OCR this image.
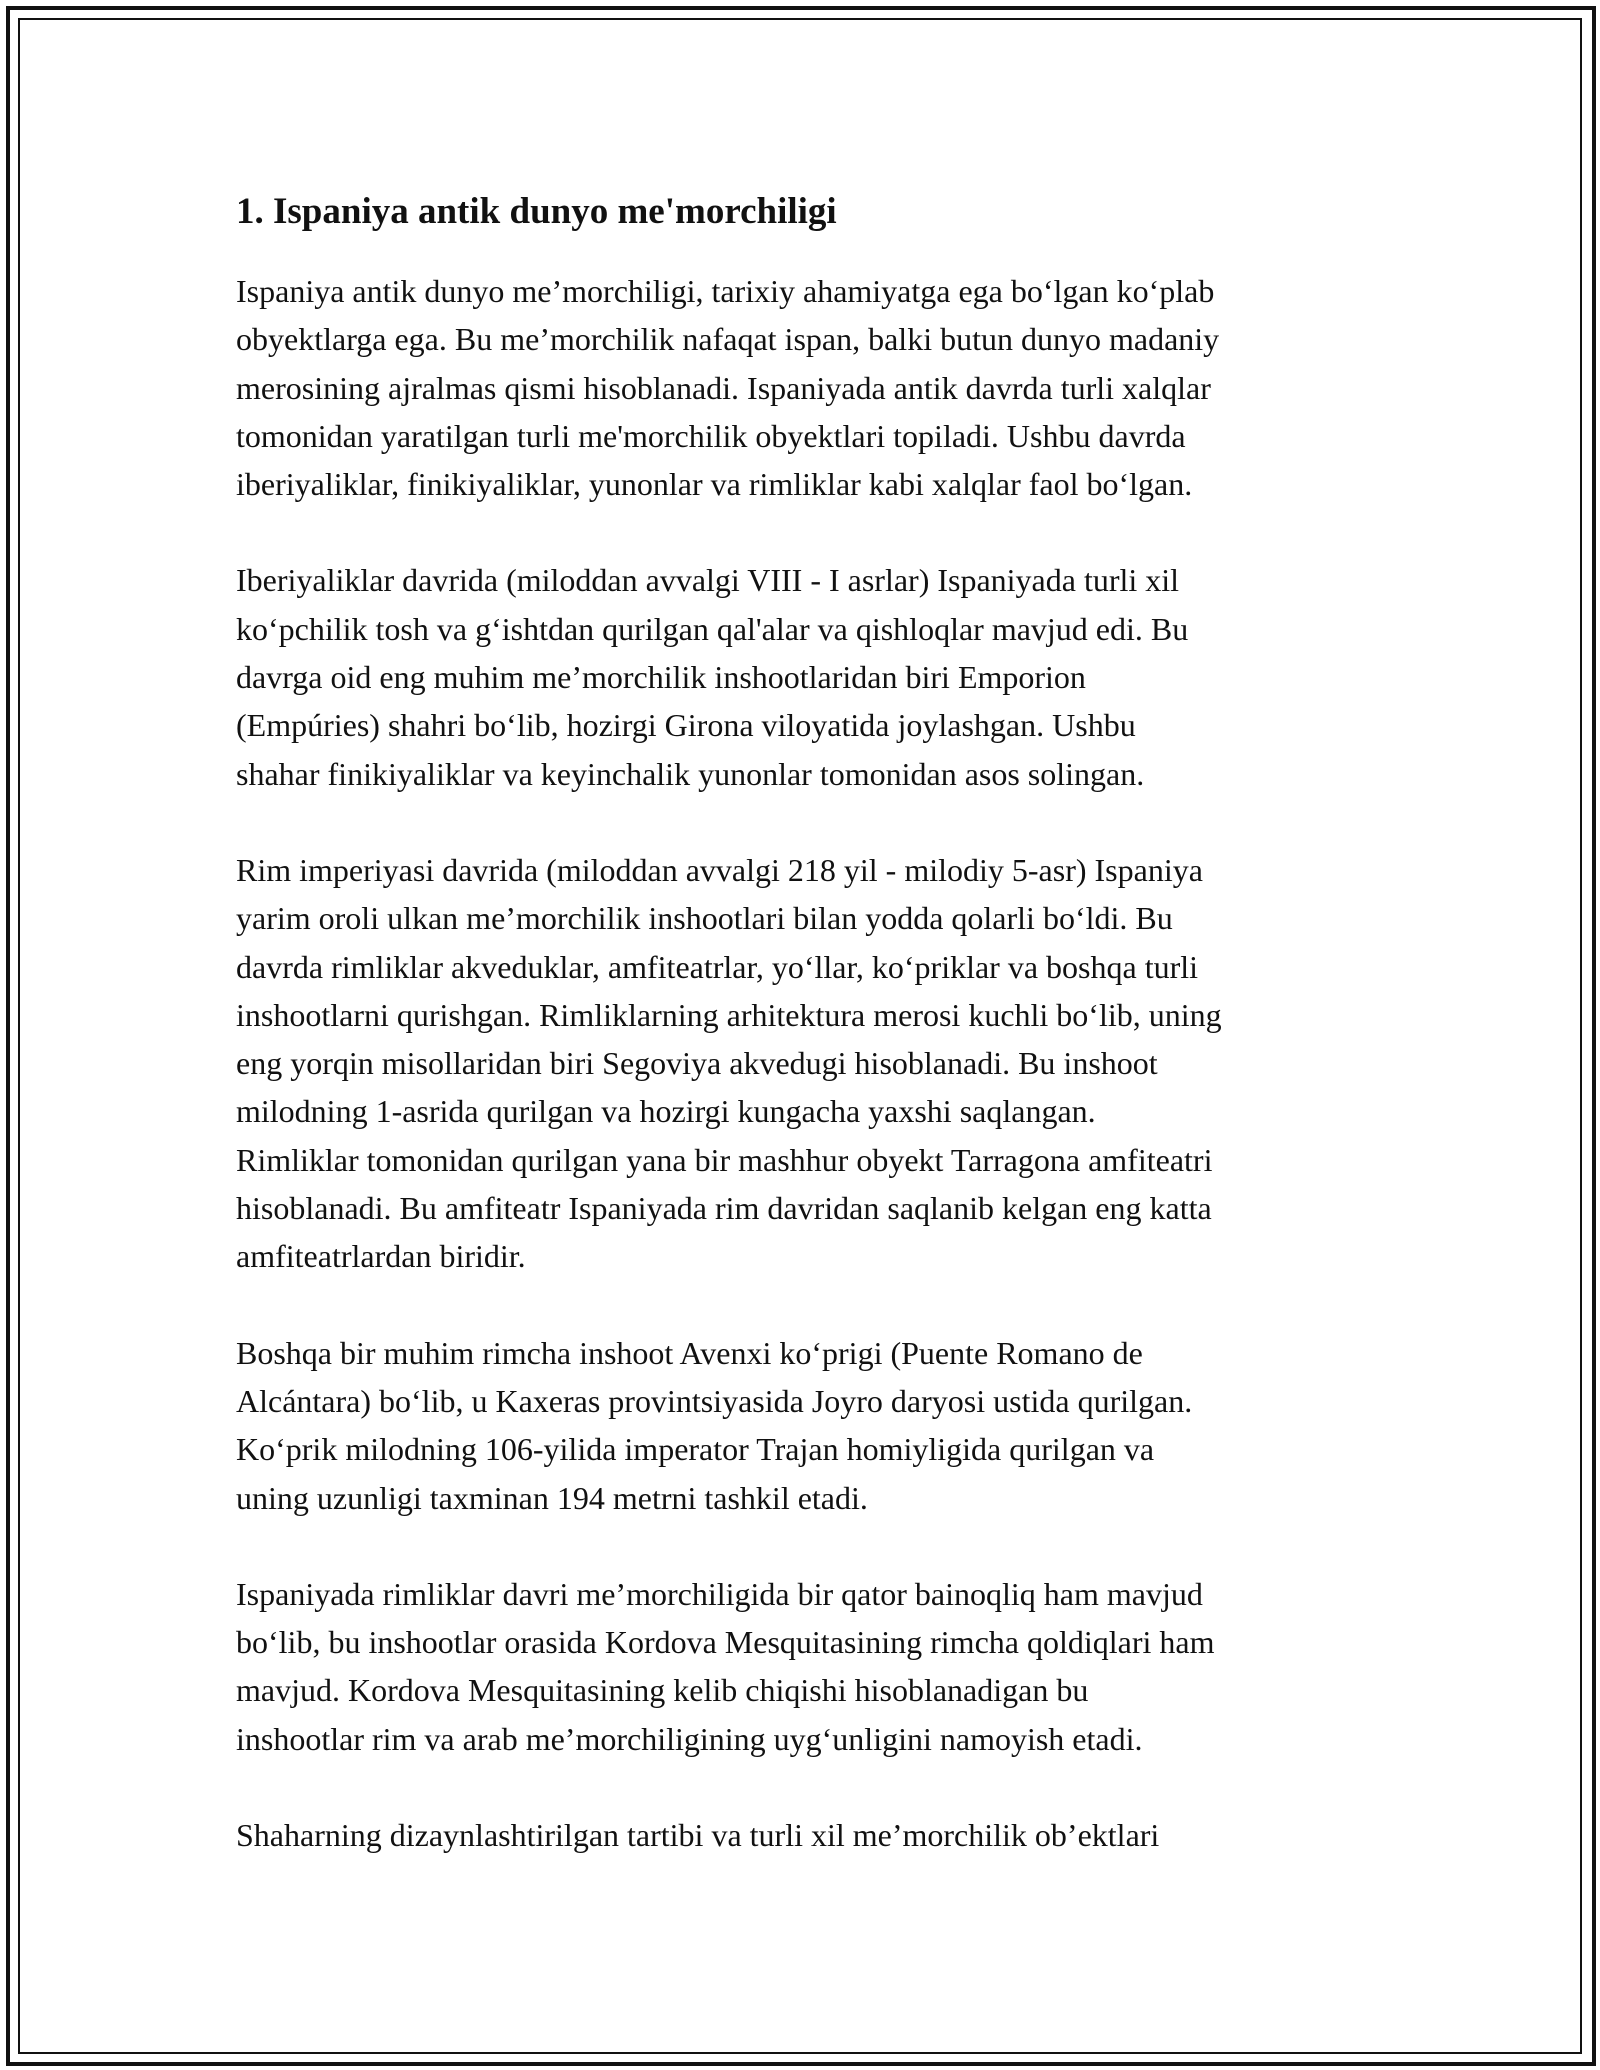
1. Ispaniya antik dunyo me'morchiligi

Ispaniya antik dunyo me’morchiligi, tarixiy ahamiyatga ega bo‘lgan ko‘plab
obyektlarga ega. Bu me’morchilik nafaqat ispan, balki butun dunyo madaniy
merosining ajralmas qismi hisoblanadi. Ispaniyada antik davrda turli xalqlar
tomonidan yaratilgan turli me'morchilik obyektlari topiladi. Ushbu davrda
iberiyaliklar, finikiyaliklar, yunonlar va rimliklar kabi xalqlar faol bo‘lgan.

Iberiyaliklar davrida (miloddan avvalgi VIII - I asrlar) Ispaniyada turli xil
ko‘pchilik tosh va g‘ishtdan qurilgan qal'alar va qishloqlar mavjud edi. Bu
davrga oid eng muhim me’morchilik inshootlaridan biri Emporion
(Empúries) shahri bo‘lib, hozirgi Girona viloyatida joylashgan. Ushbu
shahar finikiyaliklar va keyinchalik yunonlar tomonidan asos solingan.

Rim imperiyasi davrida (miloddan avvalgi 218 yil - milodiy 5-asr) Ispaniya
yarim oroli ulkan me’morchilik inshootlari bilan yodda qolarli bo‘ldi. Bu
davrda rimliklar akveduklar, amfiteatrlar, yo‘llar, ko‘priklar va boshqa turli
inshootlarni qurishgan. Rimliklarning arhitektura merosi kuchli bo‘lib, uning
eng yorqin misollaridan biri Segoviya akvedugi hisoblanadi. Bu inshoot
milodning 1-asrida qurilgan va hozirgi kungacha yaxshi saqlangan.
Rimliklar tomonidan qurilgan yana bir mashhur obyekt Tarragona amfiteatri
hisoblanadi. Bu amfiteatr Ispaniyada rim davridan saqlanib kelgan eng katta
amfiteatrlardan biridir.

Boshqa bir muhim rimcha inshoot Avenxi ko‘prigi (Puente Romano de
Alcántara) bo‘lib, u Kaxeras provintsiyasida Joyro daryosi ustida qurilgan.
Ko‘prik milodning 106-yilida imperator Trajan homiyligida qurilgan va
uning uzunligi taxminan 194 metrni tashkil etadi.

Ispaniyada rimliklar davri me’morchiligida bir qator bainoqliq ham mavjud
bo‘lib, bu inshootlar orasida Kordova Mesquitasining rimcha qoldiqlari ham
mavjud. Kordova Mesquitasining kelib chiqishi hisoblanadigan bu
inshootlar rim va arab me’morchiligining uyg‘unligini namoyish etadi.

Shaharning dizaynlashtirilgan tartibi va turli xil me’morchilik ob’ektlari
